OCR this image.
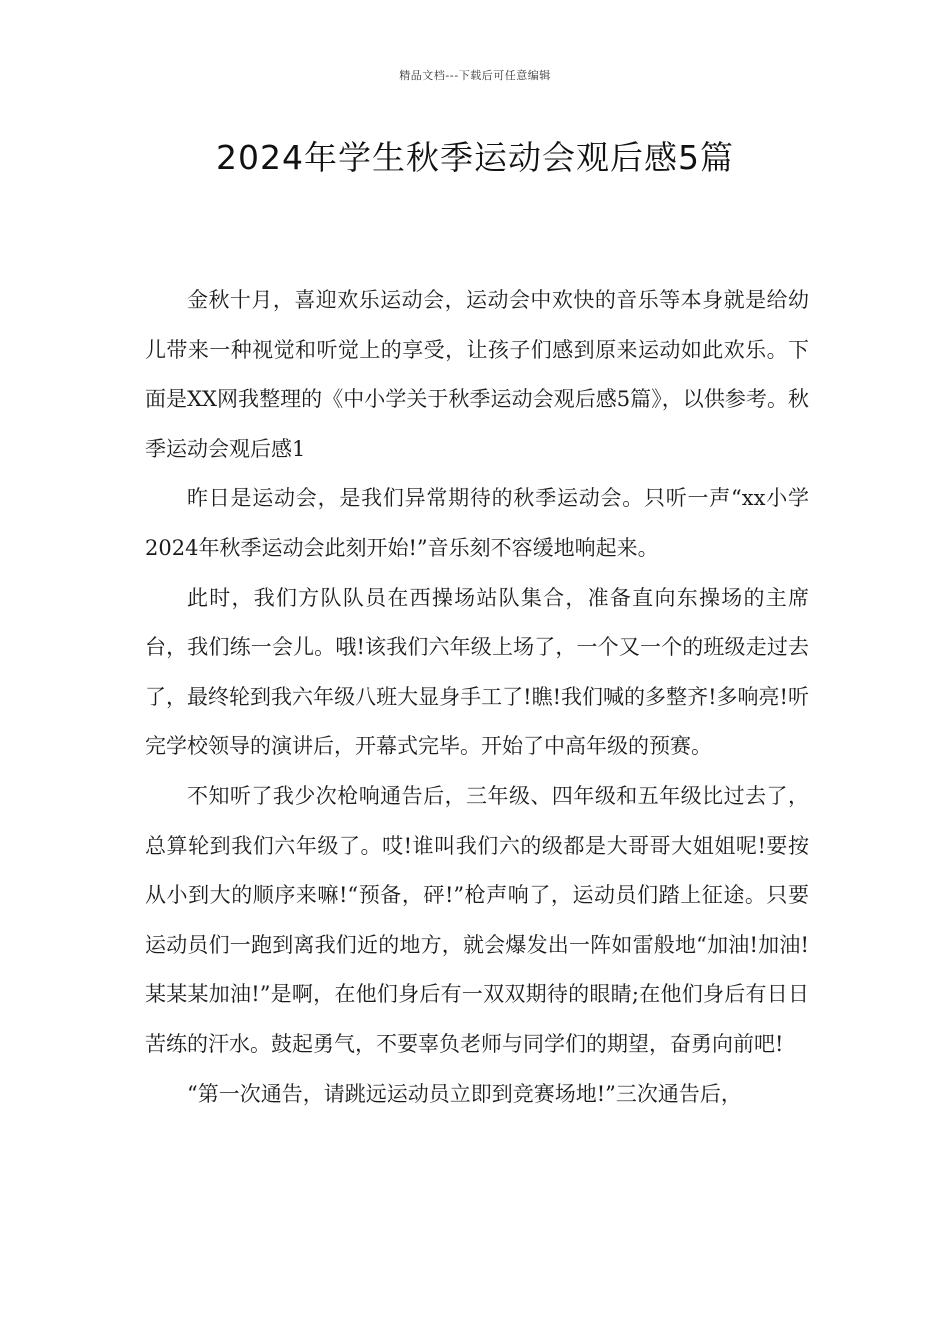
精品文档---下载后可任意编辑
2024年学生秋季运动会观后感5篇

金秋十月，喜迎欢乐运动会，运动会中欢快的音乐等本身就是给幼儿带来一种视觉和听觉上的享受，让孩子们感到原来运动如此欢乐。下面是XX网我整理的《中小学关于秋季运动会观后感5篇》，以供参考。秋季运动会观后感1

昨日是运动会，是我们异常期待的秋季运动会。只听一声“xx小学2024年秋季运动会此刻开始!”音乐刻不容缓地响起来。

此时，我们方队队员在西操场站队集合，准备直向东操场的主席台，我们练一会儿。哦!该我们六年级上场了，一个又一个的班级走过去了，最终轮到我六年级八班大显身手工了!瞧!我们喊的多整齐!多响亮!听完学校领导的演讲后，开幕式完毕。开始了中高年级的预赛。

不知听了我少次枪响通告后，三年级、四年级和五年级比过去了，总算轮到我们六年级了。哎!谁叫我们六的级都是大哥哥大姐姐呢!要按从小到大的顺序来嘛!“预备，砰!”枪声响了，运动员们踏上征途。只要运动员们一跑到离我们近的地方，就会爆发出一阵如雷般地“加油!加油!某某某加油!”是啊，在他们身后有一双双期待的眼睛;在他们身后有日日苦练的汗水。鼓起勇气，不要辜负老师与同学们的期望，奋勇向前吧!

“第一次通告，请跳远运动员立即到竞赛场地!”三次通告后，
